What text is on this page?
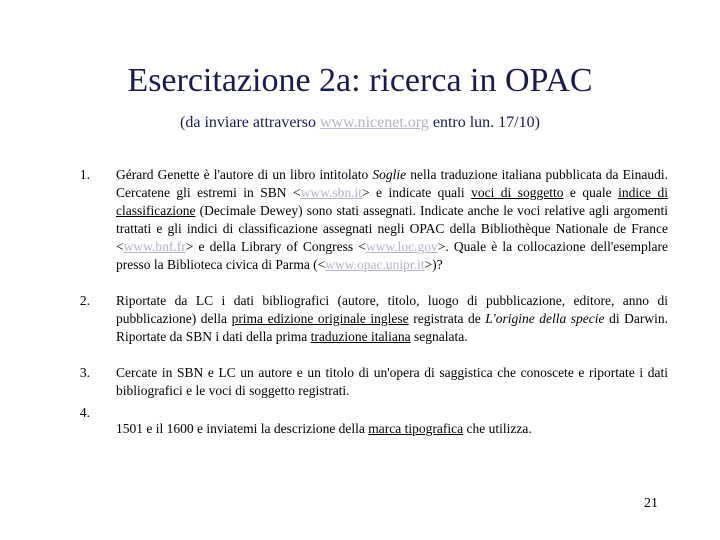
Esercitazione 2a: ricerca in OPAC
(da inviare attraverso www.nicenet.org entro lun. 17/10)
1. Gérard Genette è l'autore di un libro intitolato Soglie nella traduzione italiana pubblicata da Einaudi. Cercatene gli estremi in SBN <www.sbn.it> e indicate quali voci di soggetto e quale indice di classificazione (Decimale Dewey) sono stati assegnati. Indicate anche le voci relative agli argomenti trattati e gli indici di classificazione assegnati negli OPAC della Bibliothèque Nationale de France <www.bnf.fr> e della Library of Congress <www.loc.gov>. Quale è la collocazione dell'esemplare presso la Biblioteca civica di Parma (<www.opac.unipr.it>)?
2. Riportate da LC i dati bibliografici (autore, titolo, luogo di pubblicazione, editore, anno di pubblicazione) della prima edizione originale inglese registrata de L'origine della specie di Darwin. Riportate da SBN i dati della prima traduzione italiana segnalata.
3. Cercate in SBN e LC un autore e un titolo di un'opera di saggistica che conoscete e riportate i dati bibliografici e le voci di soggetto registrati.
4.
1501 e il 1600 e inviatemi la descrizione della marca tipografica che utilizza.
21
